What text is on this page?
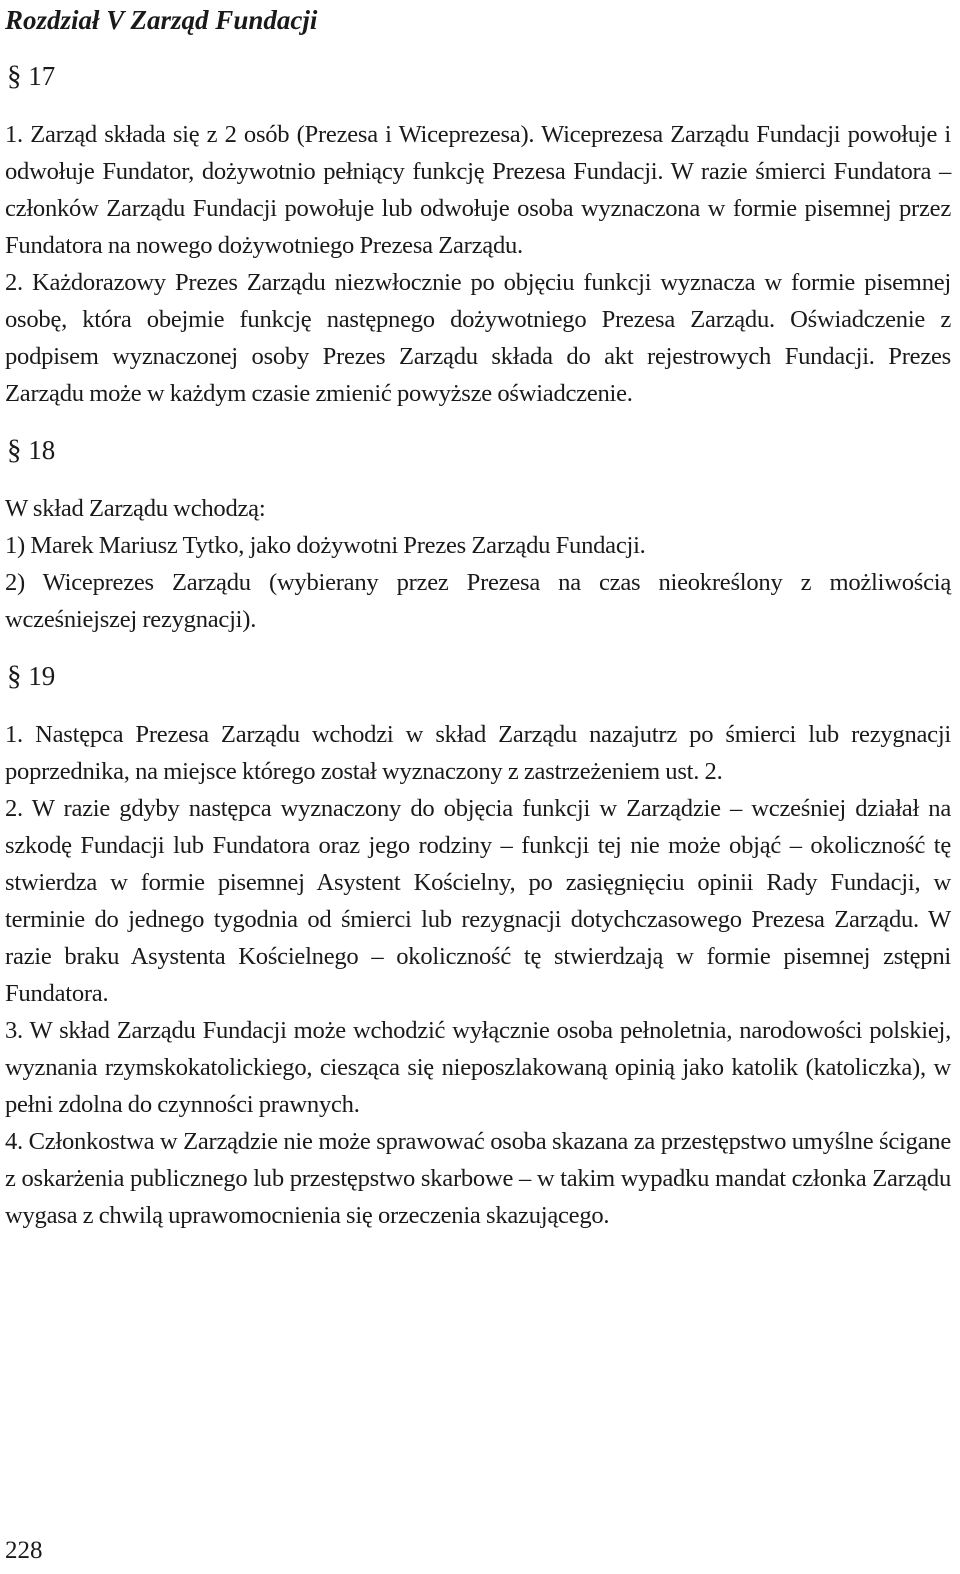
Rozdział V Zarząd Fundacji
§ 17

1. Zarząd składa się z 2 osób (Prezesa i Wiceprezesa). Wiceprezesa Zarządu Fundacji powołuje i odwołuje Fundator, dożywotnio pełniący funkcję Prezesa Fundacji. W razie śmierci Fundatora – członków Zarządu Fundacji powołuje lub odwołuje osoba wyznaczona w formie pisemnej przez Fundatora na nowego dożywotniego Prezesa Zarządu.

2. Każdorazowy Prezes Zarządu niezwłocznie po objęciu funkcji wyznacza w formie pisemnej osobę, która obejmie funkcję następnego dożywotniego Prezesa Zarządu. Oświadczenie z podpisem wyznaczonej osoby Prezes Zarządu składa do akt rejestrowych Fundacji. Prezes Zarządu może w każdym czasie zmienić powyższe oświadczenie.

§ 18

W skład Zarządu wchodzą:

1) Marek Mariusz Tytko, jako dożywotni Prezes Zarządu Fundacji.

2) Wiceprezes Zarządu (wybierany przez Prezesa na czas nieokreślony z możliwością wcześniejszej rezygnacji).

§ 19

1. Następca Prezesa Zarządu wchodzi w skład Zarządu nazajutrz po śmierci lub rezygnacji poprzednika, na miejsce którego został wyznaczony z zastrzeżeniem ust. 2.

2. W razie gdyby następca wyznaczony do objęcia funkcji w Zarządzie – wcześniej działał na szkodę Fundacji lub Fundatora oraz jego rodziny – funkcji tej nie może objąć – okoliczność tę stwierdza w formie pisemnej Asystent Kościelny, po zasięgnięciu opinii Rady Fundacji, w terminie do jednego tygodnia od śmierci lub rezygnacji dotychczasowego Prezesa Zarządu. W razie braku Asystenta Kościelnego – okoliczność tę stwierdzają w formie pisemnej zstępni Fundatora.

3. W skład Zarządu Fundacji może wchodzić wyłącznie osoba pełnoletnia, narodowości polskiej, wyznania rzymskokatolickiego, ciesząca się nieposzlakowaną opinią jako katolik (katoliczka), w pełni zdolna do czynności prawnych.

4. Członkostwa w Zarządzie nie może sprawować osoba skazana za przestępstwo umyślne ścigane z oskarżenia publicznego lub przestępstwo skarbowe – w takim wypadku mandat członka Zarządu wygasa z chwilą uprawomocnienia się orzeczenia skazującego.

228
